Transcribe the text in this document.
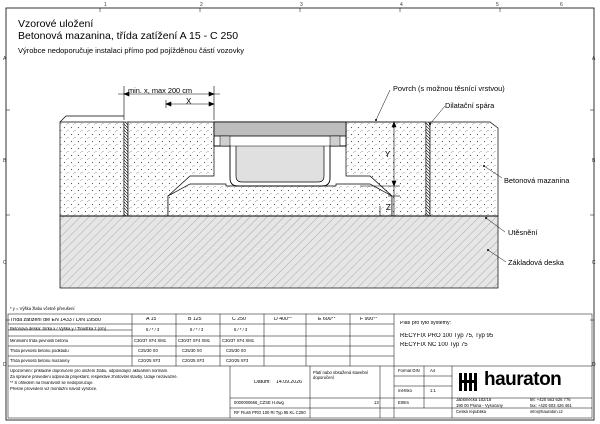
Vzorové uložení
Betonová mazanina, třída zatížení A 15 - C 250
Výrobce nedoporučuje instalaci přímo pod pojížděnou částí vozovky
1	2	3	4	5	6
A
B
C
D
A
B
C
D
min. x, max 200 cm
X
Y
Z
Povrch (s možnou těsnící vrstvou)
Dilatační spára
Betonová mazanina
Utěsnění
Základová deska
* y = Výška žlabu včetně přerušení
Třída zatížení dle EN 1433 / DIN 19580	A 15	B 125	C 250	D 400**	E 600**	F 900**
Betonová deska: Šířka x / Výška y / Tloušťka z (cm)	6 / * / 3	6 / * / 3	6 / * / 3
Minimální třída pevnosti betonu	C30/37 XF4 XM1	C30/37 XF4 XM1	C30/37 XF4 XM1
Třída pevnosti betonu podkladu	C25/30 X0	C25/30 X0	C25/30 X0
Třída pevnosti betonu mazaniny	C20/25 XF3	C20/25 XF3	C20/25 XF3
Upozornění: příkladné doporučení pro uložení žlabu, odpovídající aktuálním normám.
Za správné provedení odpovídá projektant, respektive zhotovitel stavby. Údaje nezávazné.
** S ohledem na trvanlivost se nedoporučuje.
Přesné provedení viz montážní návod výrobce.
Platí pro tyto systémy:
RECYFIX PRO 100 Typ 75, Typ 95
RECYFIX NC 100 Typ 75
Datum: 14.09.2026
Platí nabo obsažená stavební doporučení
Formát DIN A4
měřítko	1:1
0000000666_CZSE H.dwg	13	E08m
RF Flush PRO 100 RI Typ 95 KL C250
hauraton
Jablonecká 182/18
190 00 Praha - Vysočany
Česká republika
tel: +420 563 626 776
fax: +420 603 426 461
info@hauraton.cz
